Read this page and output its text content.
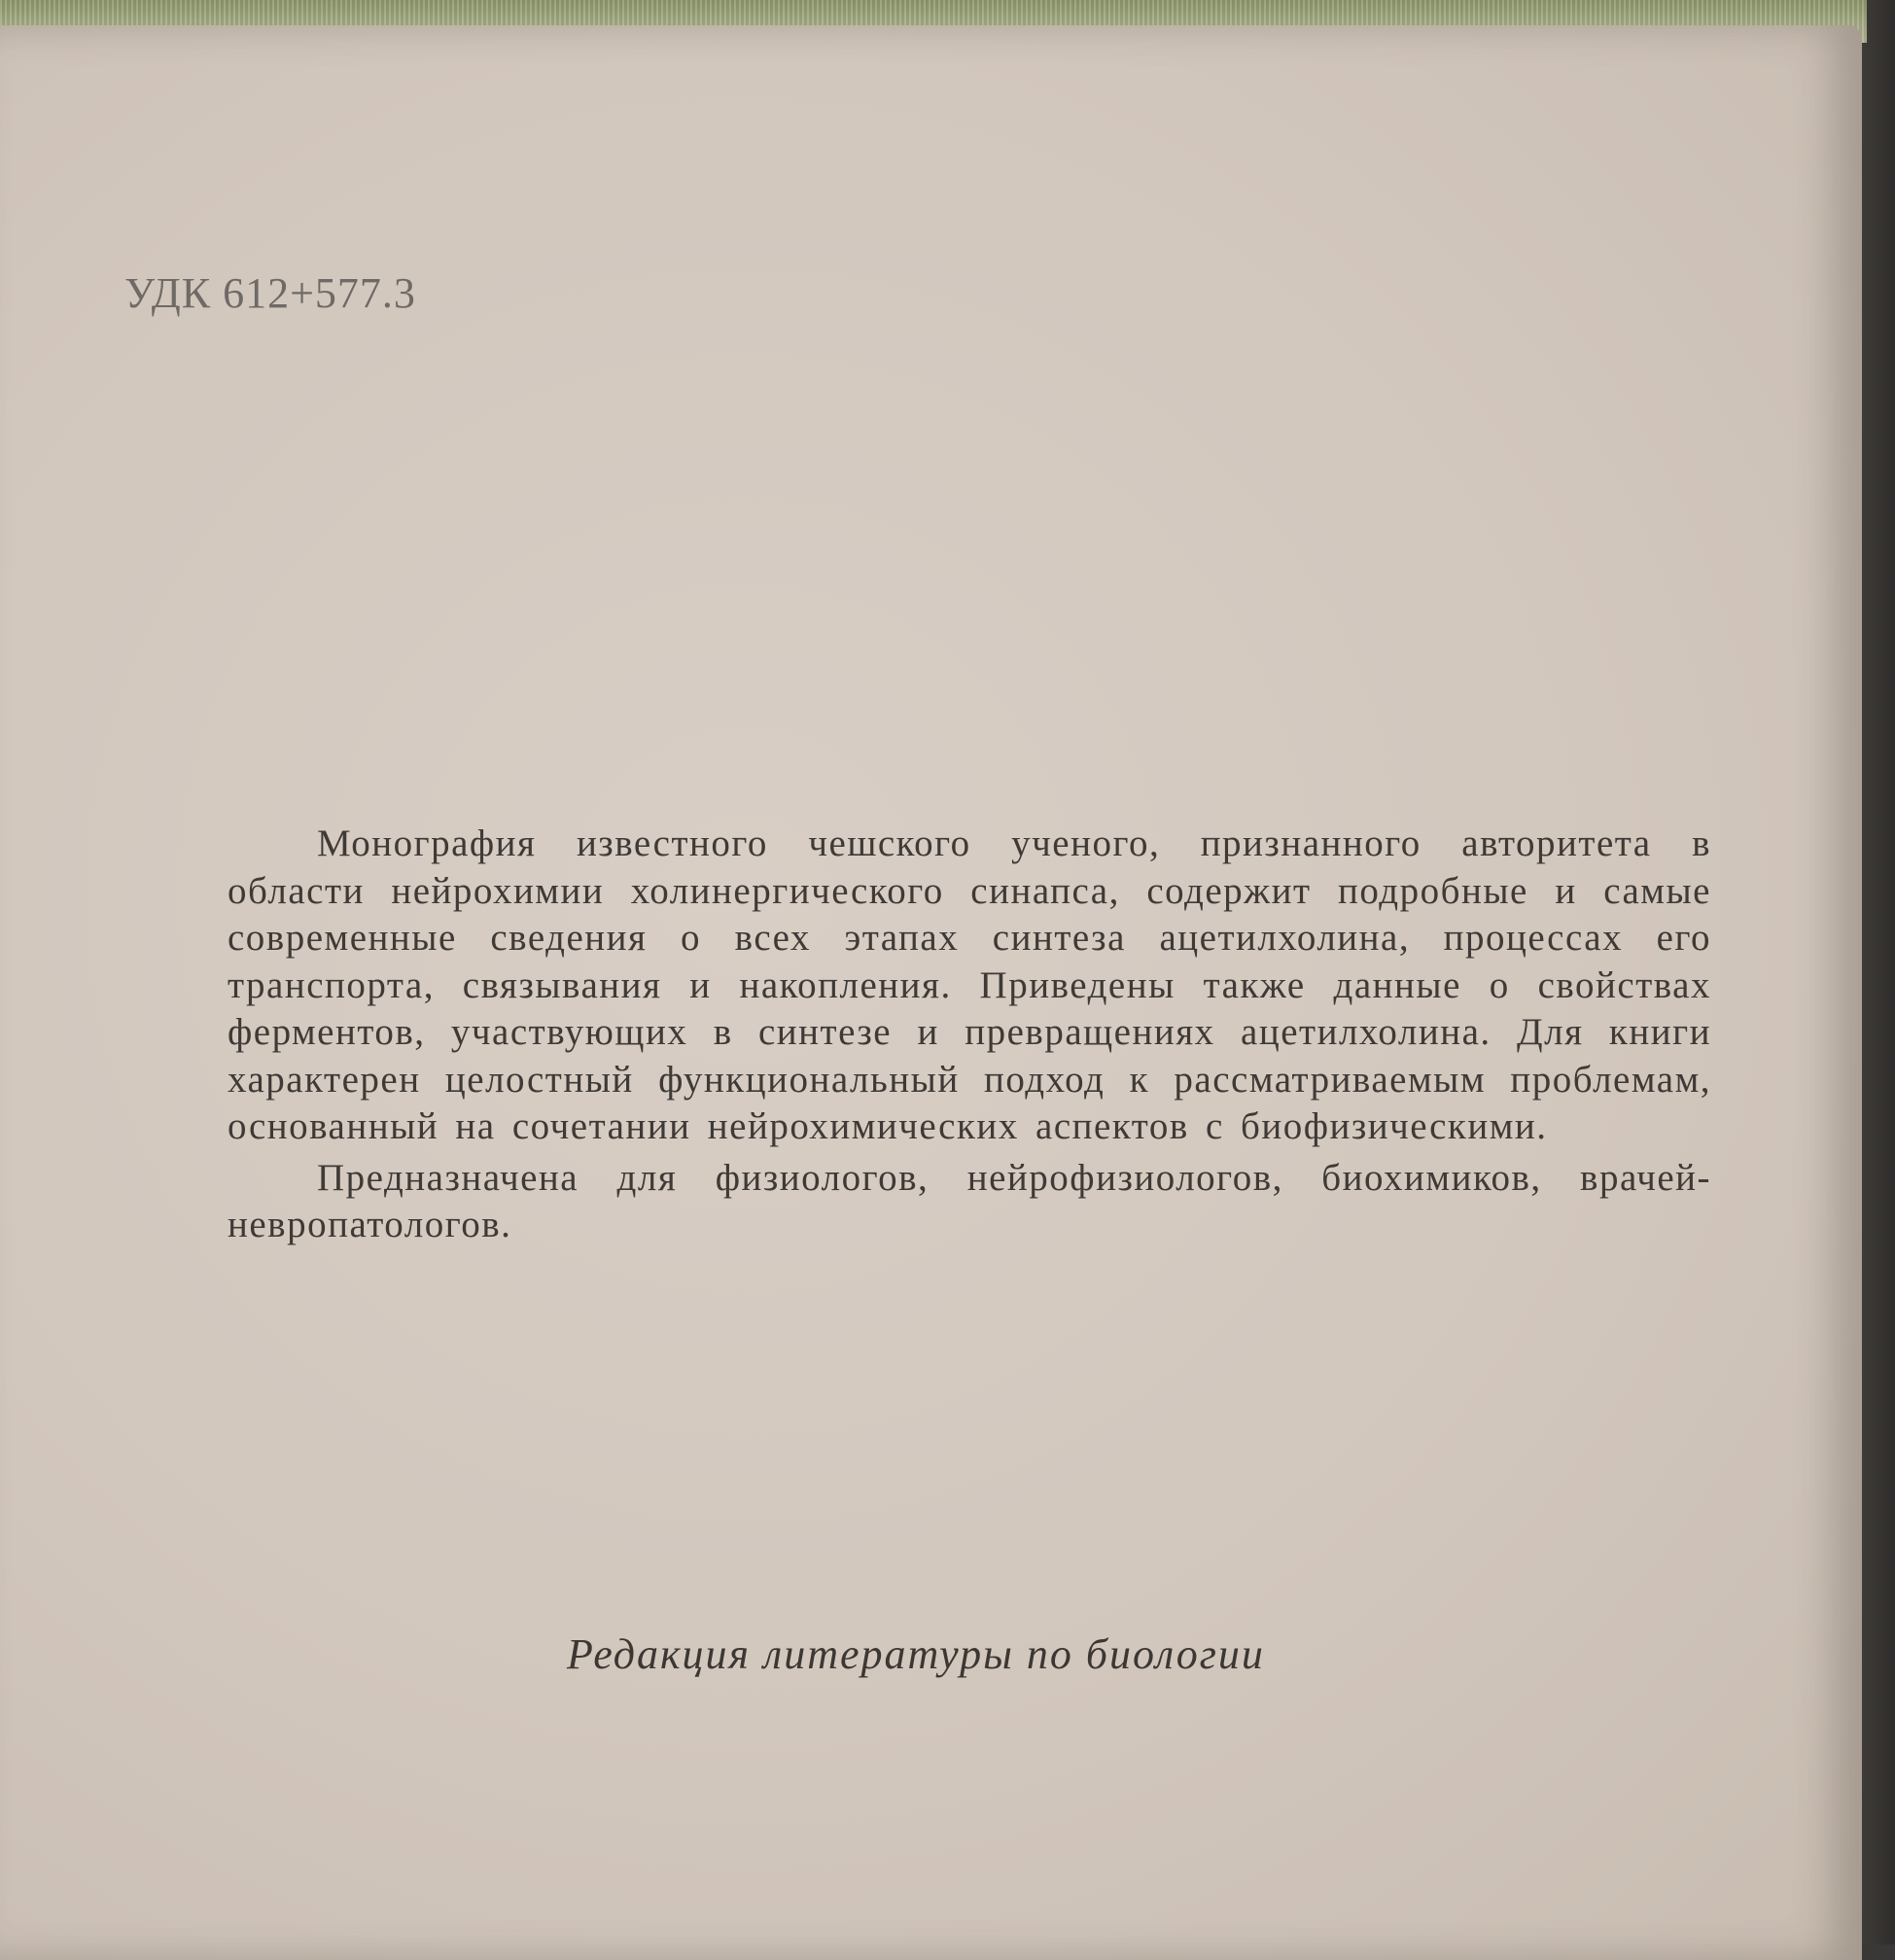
УДК 612+577.3

Монография известного чешского ученого, признанного авторитета в области нейрохимии холинергического синапса, содержит подробные и самые современные сведения о всех этапах синтеза ацетилхолина, процессах его транспорта, связывания и накопления. Приведены также данные о свойствах ферментов, участвующих в синтезе и превращениях ацетилхолина. Для книги характерен целостный функциональный подход к рассматриваемым проблемам, основанный на сочетании нейрохимических аспектов с биофизическими.

Предназначена для физиологов, нейрофизиологов, биохимиков, врачей-невропатологов.

Редакция литературы по биологии
